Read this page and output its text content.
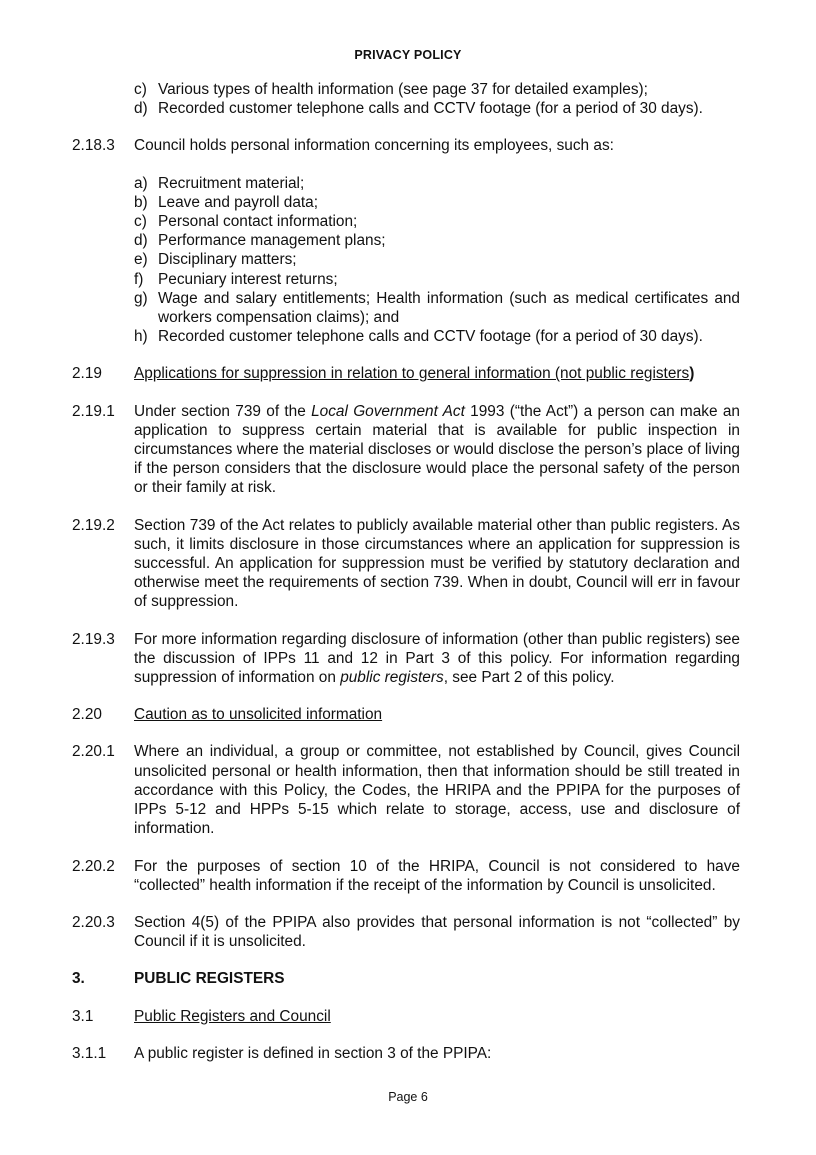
PRIVACY POLICY
c) Various types of health information (see page 37 for detailed examples);
d) Recorded customer telephone calls and CCTV footage (for a period of 30 days).
2.18.3	Council holds personal information concerning its employees, such as:
a) Recruitment material;
b) Leave and payroll data;
c) Personal contact information;
d) Performance management plans;
e) Disciplinary matters;
f) Pecuniary interest returns;
g) Wage and salary entitlements; Health information (such as medical certificates and workers compensation claims); and
h) Recorded customer telephone calls and CCTV footage (for a period of 30 days).
2.19	Applications for suppression in relation to general information (not public registers)
2.19.1	Under section 739 of the Local Government Act 1993 (“the Act”) a person can make an application to suppress certain material that is available for public inspection in circumstances where the material discloses or would disclose the person’s place of living if the person considers that the disclosure would place the personal safety of the person or their family at risk.
2.19.2	Section 739 of the Act relates to publicly available material other than public registers. As such, it limits disclosure in those circumstances where an application for suppression is successful. An application for suppression must be verified by statutory declaration and otherwise meet the requirements of section 739. When in doubt, Council will err in favour of suppression.
2.19.3	For more information regarding disclosure of information (other than public registers) see the discussion of IPPs 11 and 12 in Part 3 of this policy. For information regarding suppression of information on public registers, see Part 2 of this policy.
2.20	Caution as to unsolicited information
2.20.1	Where an individual, a group or committee, not established by Council, gives Council unsolicited personal or health information, then that information should be still treated in accordance with this Policy, the Codes, the HRIPA and the PPIPA for the purposes of IPPs 5-12 and HPPs 5-15 which relate to storage, access, use and disclosure of information.
2.20.2	For the purposes of section 10 of the HRIPA, Council is not considered to have “collected” health information if the receipt of the information by Council is unsolicited.
2.20.3	Section 4(5) of the PPIPA also provides that personal information is not “collected” by Council if it is unsolicited.
3.	PUBLIC REGISTERS
3.1	Public Registers and Council
3.1.1	A public register is defined in section 3 of the PPIPA:
Page 6
